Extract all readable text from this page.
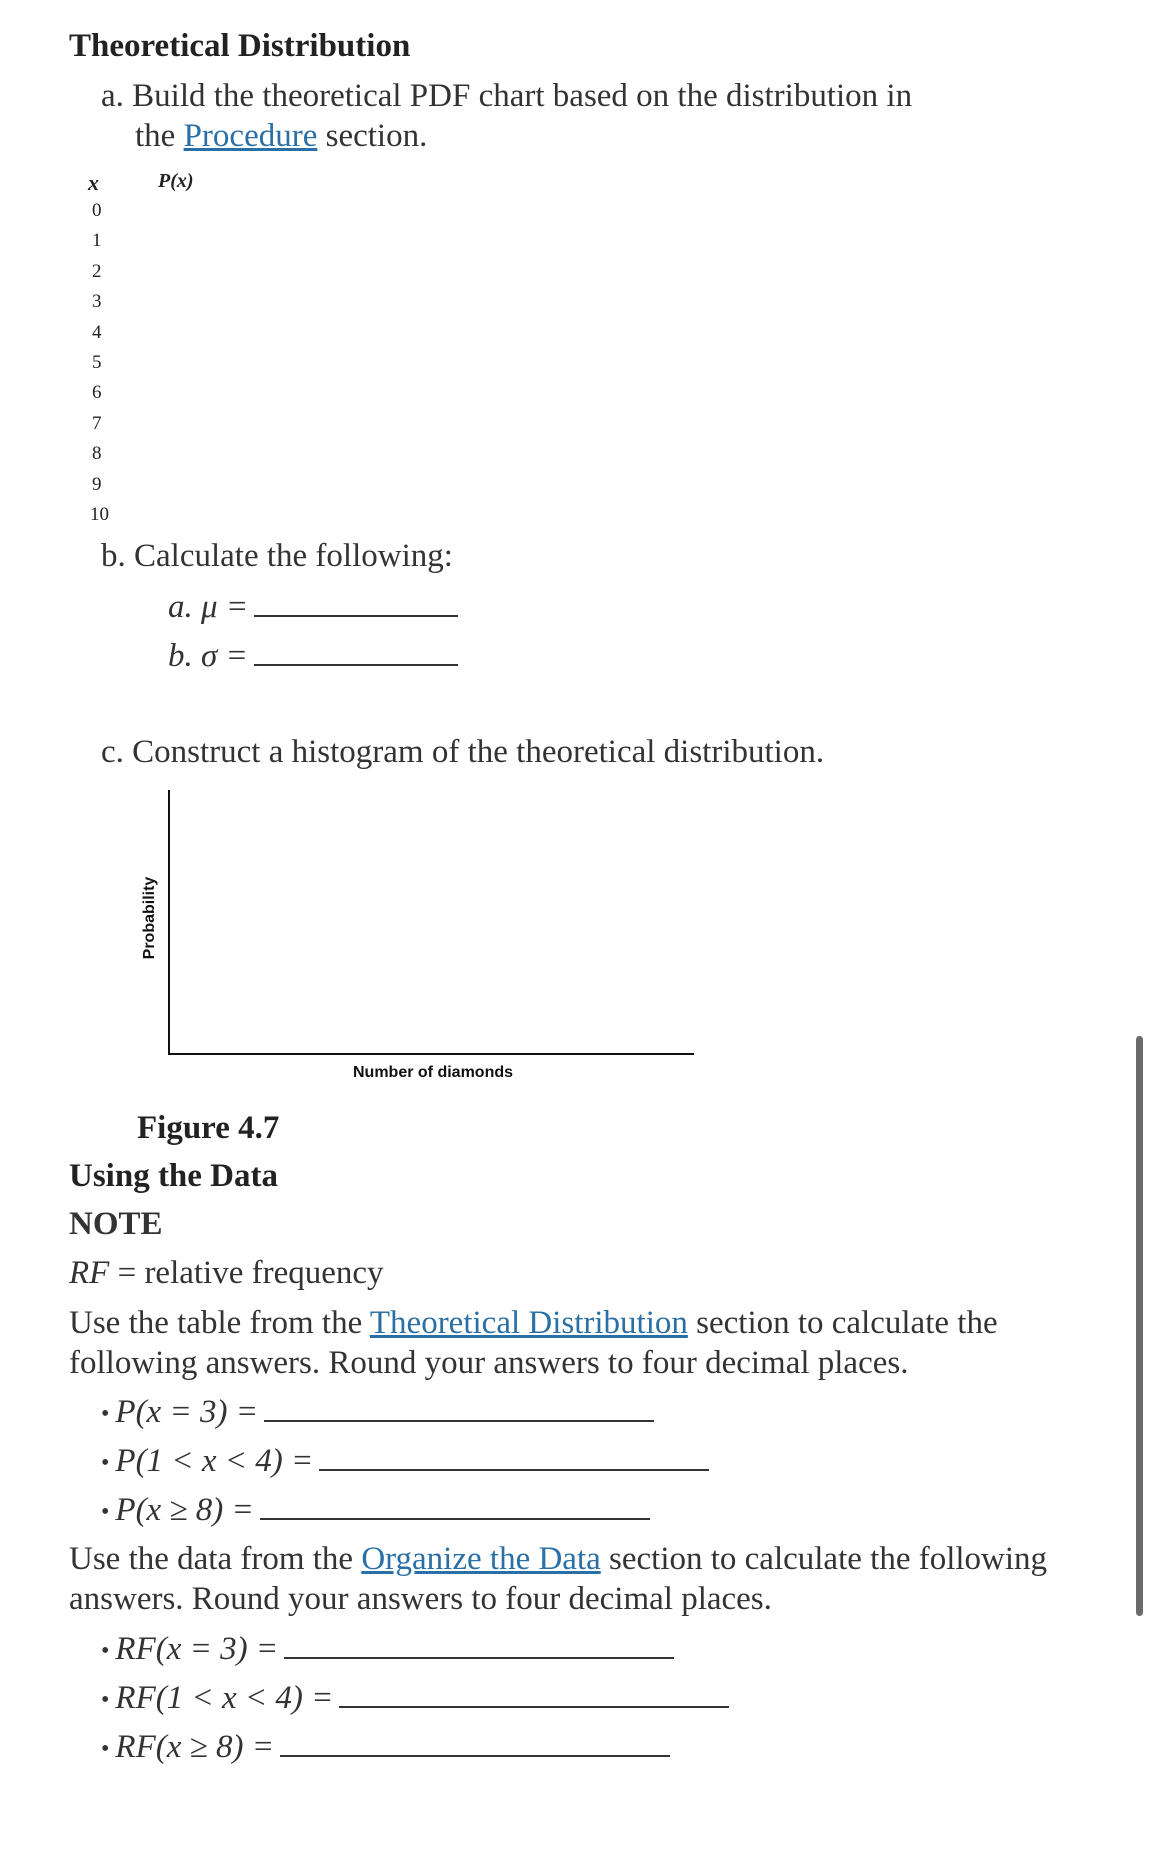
Theoretical Distribution
a. Build the theoretical PDF chart based on the distribution in
the Procedure section.
x	P(x)
0
1
2
3
4
5
6
7
8
9
10
b. Calculate the following:
a. μ =
b. σ =
c. Construct a histogram of the theoretical distribution.
Probability
Number of diamonds
Figure 4.7
Using the Data
NOTE
RF = relative frequency
Use the table from the Theoretical Distribution section to calculate the
following answers. Round your answers to four decimal places.
• P(x = 3) =
• P(1 < x < 4) =
• P(x ≥ 8) =
Use the data from the Organize the Data section to calculate the following
answers. Round your answers to four decimal places.
• RF(x = 3) =
• RF(1 < x < 4) =
• RF(x ≥ 8) =
